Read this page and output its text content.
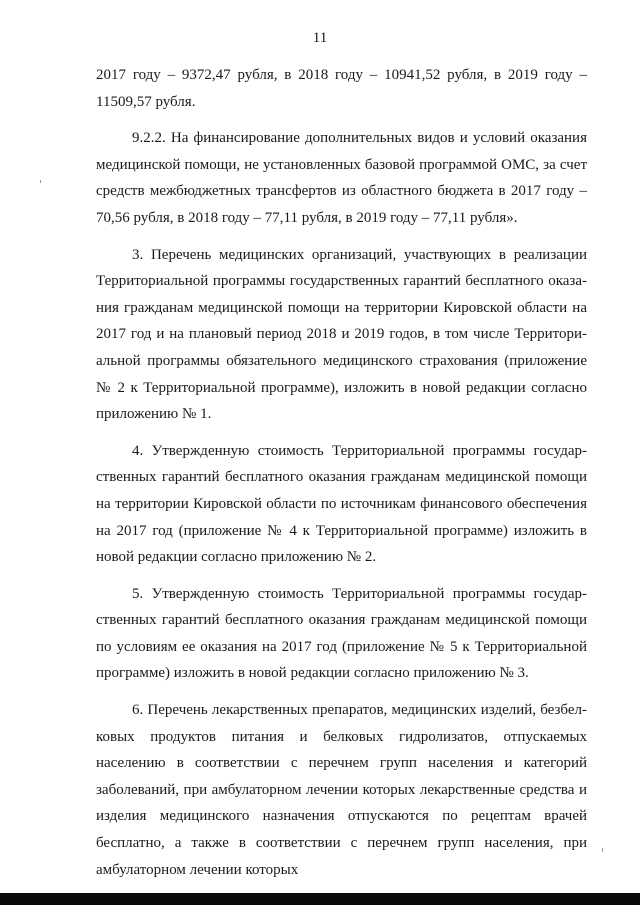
11

2017 году – 9372,47 рубля, в 2018 году – 10941,52 рубля, в 2019 году – 11509,57 рубля.

9.2.2. На финансирование дополнительных видов и условий оказания медицинской помощи, не установленных базовой программой ОМС, за счет средств межбюджетных трансфертов из областного бюджета в 2017 году – 70,56 рубля, в 2018 году – 77,11 рубля, в 2019 году – 77,11 рубля».

3. Перечень медицинских организаций, участвующих в реализации Территориальной программы государственных гарантий бесплатного оказания гражданам медицинской помощи на территории Кировской области на 2017 год и на плановый период 2018 и 2019 годов, в том числе Территориальной программы обязательного медицинского страхования (приложение № 2 к Территориальной программе), изложить в новой редакции согласно приложению № 1.

4. Утвержденную стоимость Территориальной программы государственных гарантий бесплатного оказания гражданам медицинской помощи на территории Кировской области по источникам финансового обеспечения на 2017 год (приложение № 4 к Территориальной программе) изложить в новой редакции согласно приложению № 2.

5. Утвержденную стоимость Территориальной программы государственных гарантий бесплатного оказания гражданам медицинской помощи по условиям ее оказания на 2017 год (приложение № 5 к Территориальной программе) изложить в новой редакции согласно приложению № 3.

6. Перечень лекарственных препаратов, медицинских изделий, безбелковых продуктов питания и белковых гидролизатов, отпускаемых населению в соответствии с перечнем групп населения и категорий заболеваний, при амбулаторном лечении которых лекарственные средства и изделия медицинского назначения отпускаются по рецептам врачей бесплатно, а также в соответствии с перечнем групп населения, при амбулаторном лечении которых
